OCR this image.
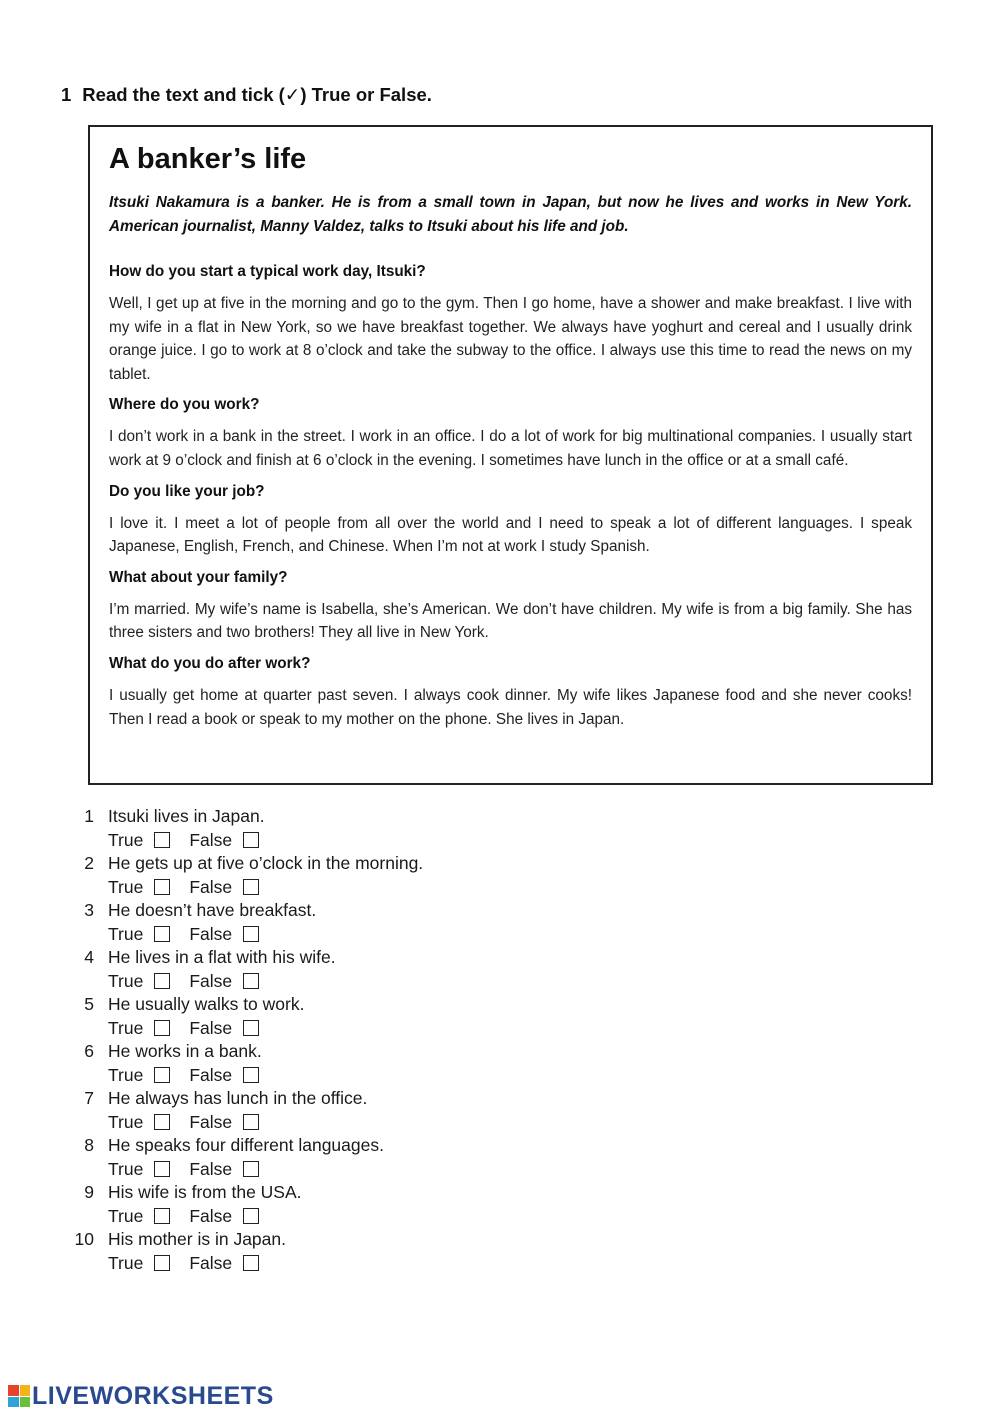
1 Read the text and tick (✓) True or False.
A banker’s life

Itsuki Nakamura is a banker. He is from a small town in Japan, but now he lives and works in New York. American journalist, Manny Valdez, talks to Itsuki about his life and job.

How do you start a typical work day, Itsuki?

Well, I get up at five in the morning and go to the gym. Then I go home, have a shower and make breakfast. I live with my wife in a flat in New York, so we have breakfast together. We always have yoghurt and cereal and I usually drink orange juice. I go to work at 8 o’clock and take the subway to the office. I always use this time to read the news on my tablet.

Where do you work?

I don’t work in a bank in the street. I work in an office. I do a lot of work for big multinational companies. I usually start work at 9 o’clock and finish at 6 o’clock in the evening. I sometimes have lunch in the office or at a small café.

Do you like your job?

I love it. I meet a lot of people from all over the world and I need to speak a lot of different languages. I speak Japanese, English, French, and Chinese. When I’m not at work I study Spanish.

What about your family?

I’m married. My wife’s name is Isabella, she’s American. We don’t have children. My wife is from a big family. She has three sisters and two brothers! They all live in New York.

What do you do after work?

I usually get home at quarter past seven. I always cook dinner. My wife likes Japanese food and she never cooks! Then I read a book or speak to my mother on the phone. She lives in Japan.

1 Itsuki lives in Japan.
True	False
2 He gets up at five o’clock in the morning.
True	False
3 He doesn’t have breakfast.
True	False
4 He lives in a flat with his wife.
True	False
5 He usually walks to work.
True	False
6 He works in a bank.
True	False
7 He always has lunch in the office.
True	False
8 He speaks four different languages.
True	False
9 His wife is from the USA.
True	False
10 His mother is in Japan.
True	False
LIVEWORKSHEETS
